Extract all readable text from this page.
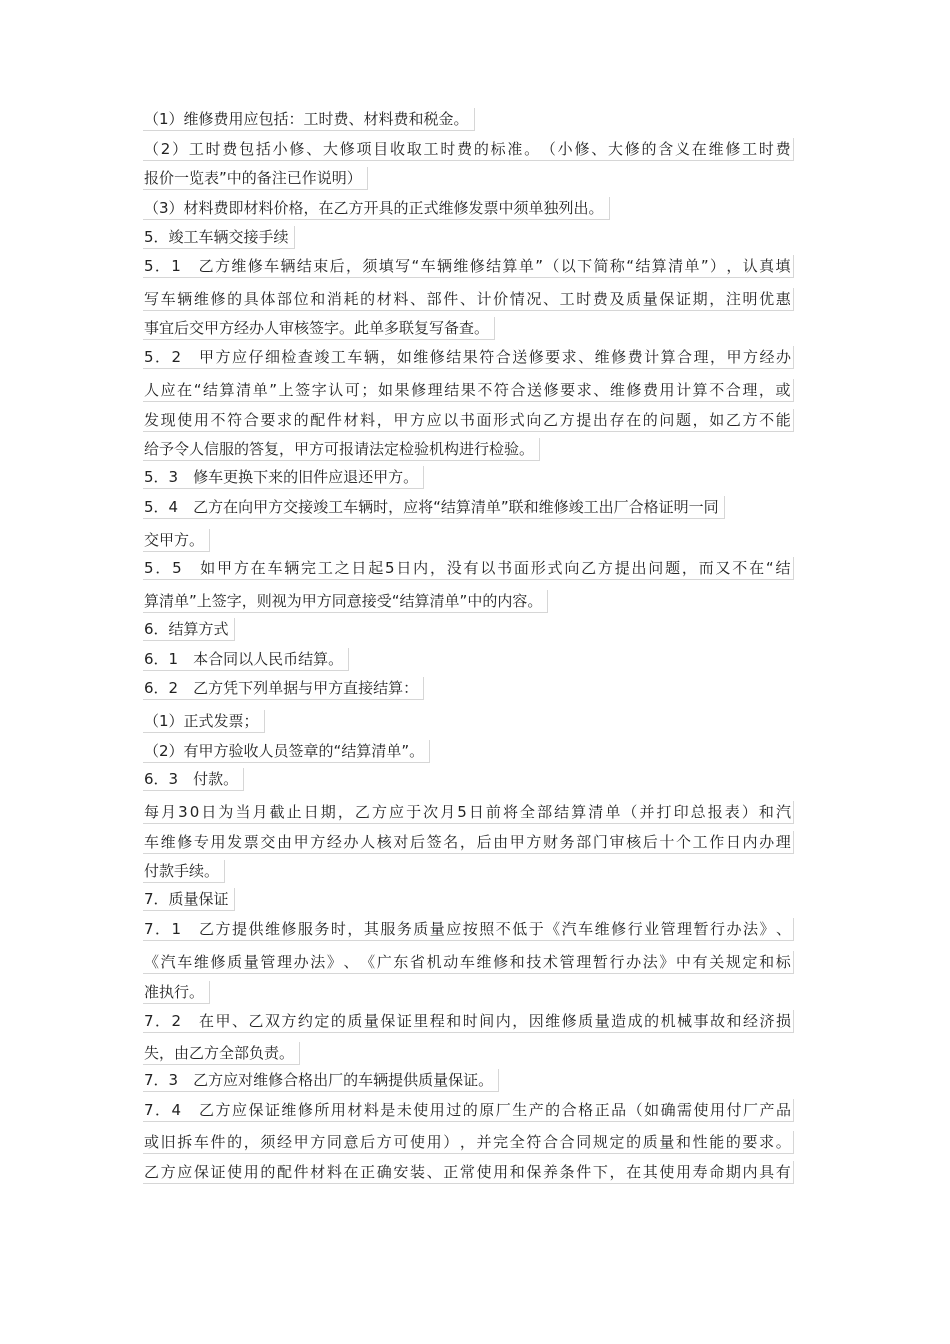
（1）维修费用应包括：工时费、材料费和税金。
（ 2 ） 工 时 费 包 括 小 修 、 大 修 项 目 收 取 工 时 费 的 标 准 。 （ 小 修 、 大 修 的 含 义 在 维 修 工 时 费
报价一览表”中的备注已作说明）
（3）材料费即材料价格，在乙方开具的正式维修发票中须单独列出。
5．竣工车辆交接手续
5 ． 1
　 乙 方 维 修 车 辆 结 束 后 ， 须 填 写 “ 车 辆 维 修 结 算 单 ” （ 以 下 简 称 “ 结 算 清 单 ” ） ， 认 真 填
写 车 辆 维 修 的 具 体 部 位 和 消 耗 的 材 料 、 部 件 、 计 价 情 况 、 工 时 费 及 质 量 保 证 期 ， 注 明 优 惠
事宜后交甲方经办人审核签字。此单多联复写备查。
5 ． 2
　 甲 方 应 仔 细 检 查 竣 工 车 辆 ， 如 维 修 结 果 符 合 送 修 要 求 、 维 修 费 计 算 合 理 ， 甲 方 经 办
人 应 在 “ 结 算 清 单 ” 上 签 字 认 可 ； 如 果 修 理 结 果 不 符 合 送 修 要 求 、 维 修 费 用 计 算 不 合 理 ， 或
发 现 使 用 不 符 合 要 求 的 配 件 材 料 ， 甲 方 应 以 书 面 形 式 向 乙 方 提 出 存 在 的 问 题 ， 如 乙 方 不 能
给予令人信服的答复，甲方可报请法定检验机构进行检验。
5．3　修车更换下来的旧件应退还甲方。
5．4　乙方在向甲方交接竣工车辆时，应将“结算清单”联和维修竣工出厂合格证明一同
交甲方。
5 ． 5
　 如 甲 方 在 车 辆 完 工 之 日 起 5 日 内 ， 没 有 以 书 面 形 式 向 乙 方 提 出 问 题 ， 而 又 不 在 “ 结
算清单”上签字，则视为甲方同意接受“结算清单”中的内容。
6．结算方式
6．1　本合同以人民币结算。
6．2　乙方凭下列单据与甲方直接结算：
（1）正式发票；
（2）有甲方验收人员签章的“结算清单”。
6．3　付款。
每 月 3 0 日 为 当 月 截 止 日 期 ， 乙 方 应 于 次 月 5 日 前 将 全 部 结 算 清 单 （ 并 打 印 总 报 表 ） 和 汽
车 维 修 专 用 发 票 交 由 甲 方 经 办 人 核 对 后 签 名 ， 后 由 甲 方 财 务 部 门 审 核 后 十 个 工 作 日 内 办 理
付款手续。
7．质量保证
7 ． 1
　 乙 方 提 供 维 修 服 务 时 ， 其 服 务 质 量 应 按 照 不 低 于 《 汽 车 维 修 行 业 管 理 暂 行 办 法 》 、
《 汽 车 维 修 质 量 管 理 办 法 》 、 《 广 东 省 机 动 车 维 修 和 技 术 管 理 暂 行 办 法 》 中 有 关 规 定 和 标
准执行。
7 ． 2
　 在 甲 、 乙 双 方 约 定 的 质 量 保 证 里 程 和 时 间 内 ， 因 维 修 质 量 造 成 的 机 械 事 故 和 经 济 损
失，由乙方全部负责。
7．3　乙方应对维修合格出厂的车辆提供质量保证。
7 ． 4
　 乙 方 应 保 证 维 修 所 用 材 料 是 未 使 用 过 的 原 厂 生 产 的 合 格 正 品 （ 如 确 需 使 用 付 厂 产 品
或 旧 拆 车 件 的 ， 须 经 甲 方 同 意 后 方 可 使 用 ） ， 并 完 全 符 合 合 同 规 定 的 质 量 和 性 能 的 要 求 。
乙 方 应 保 证 使 用 的 配 件 材 料 在 正 确 安 装 、 正 常 使 用 和 保 养 条 件 下 ， 在 其 使 用 寿 命 期 内 具 有
